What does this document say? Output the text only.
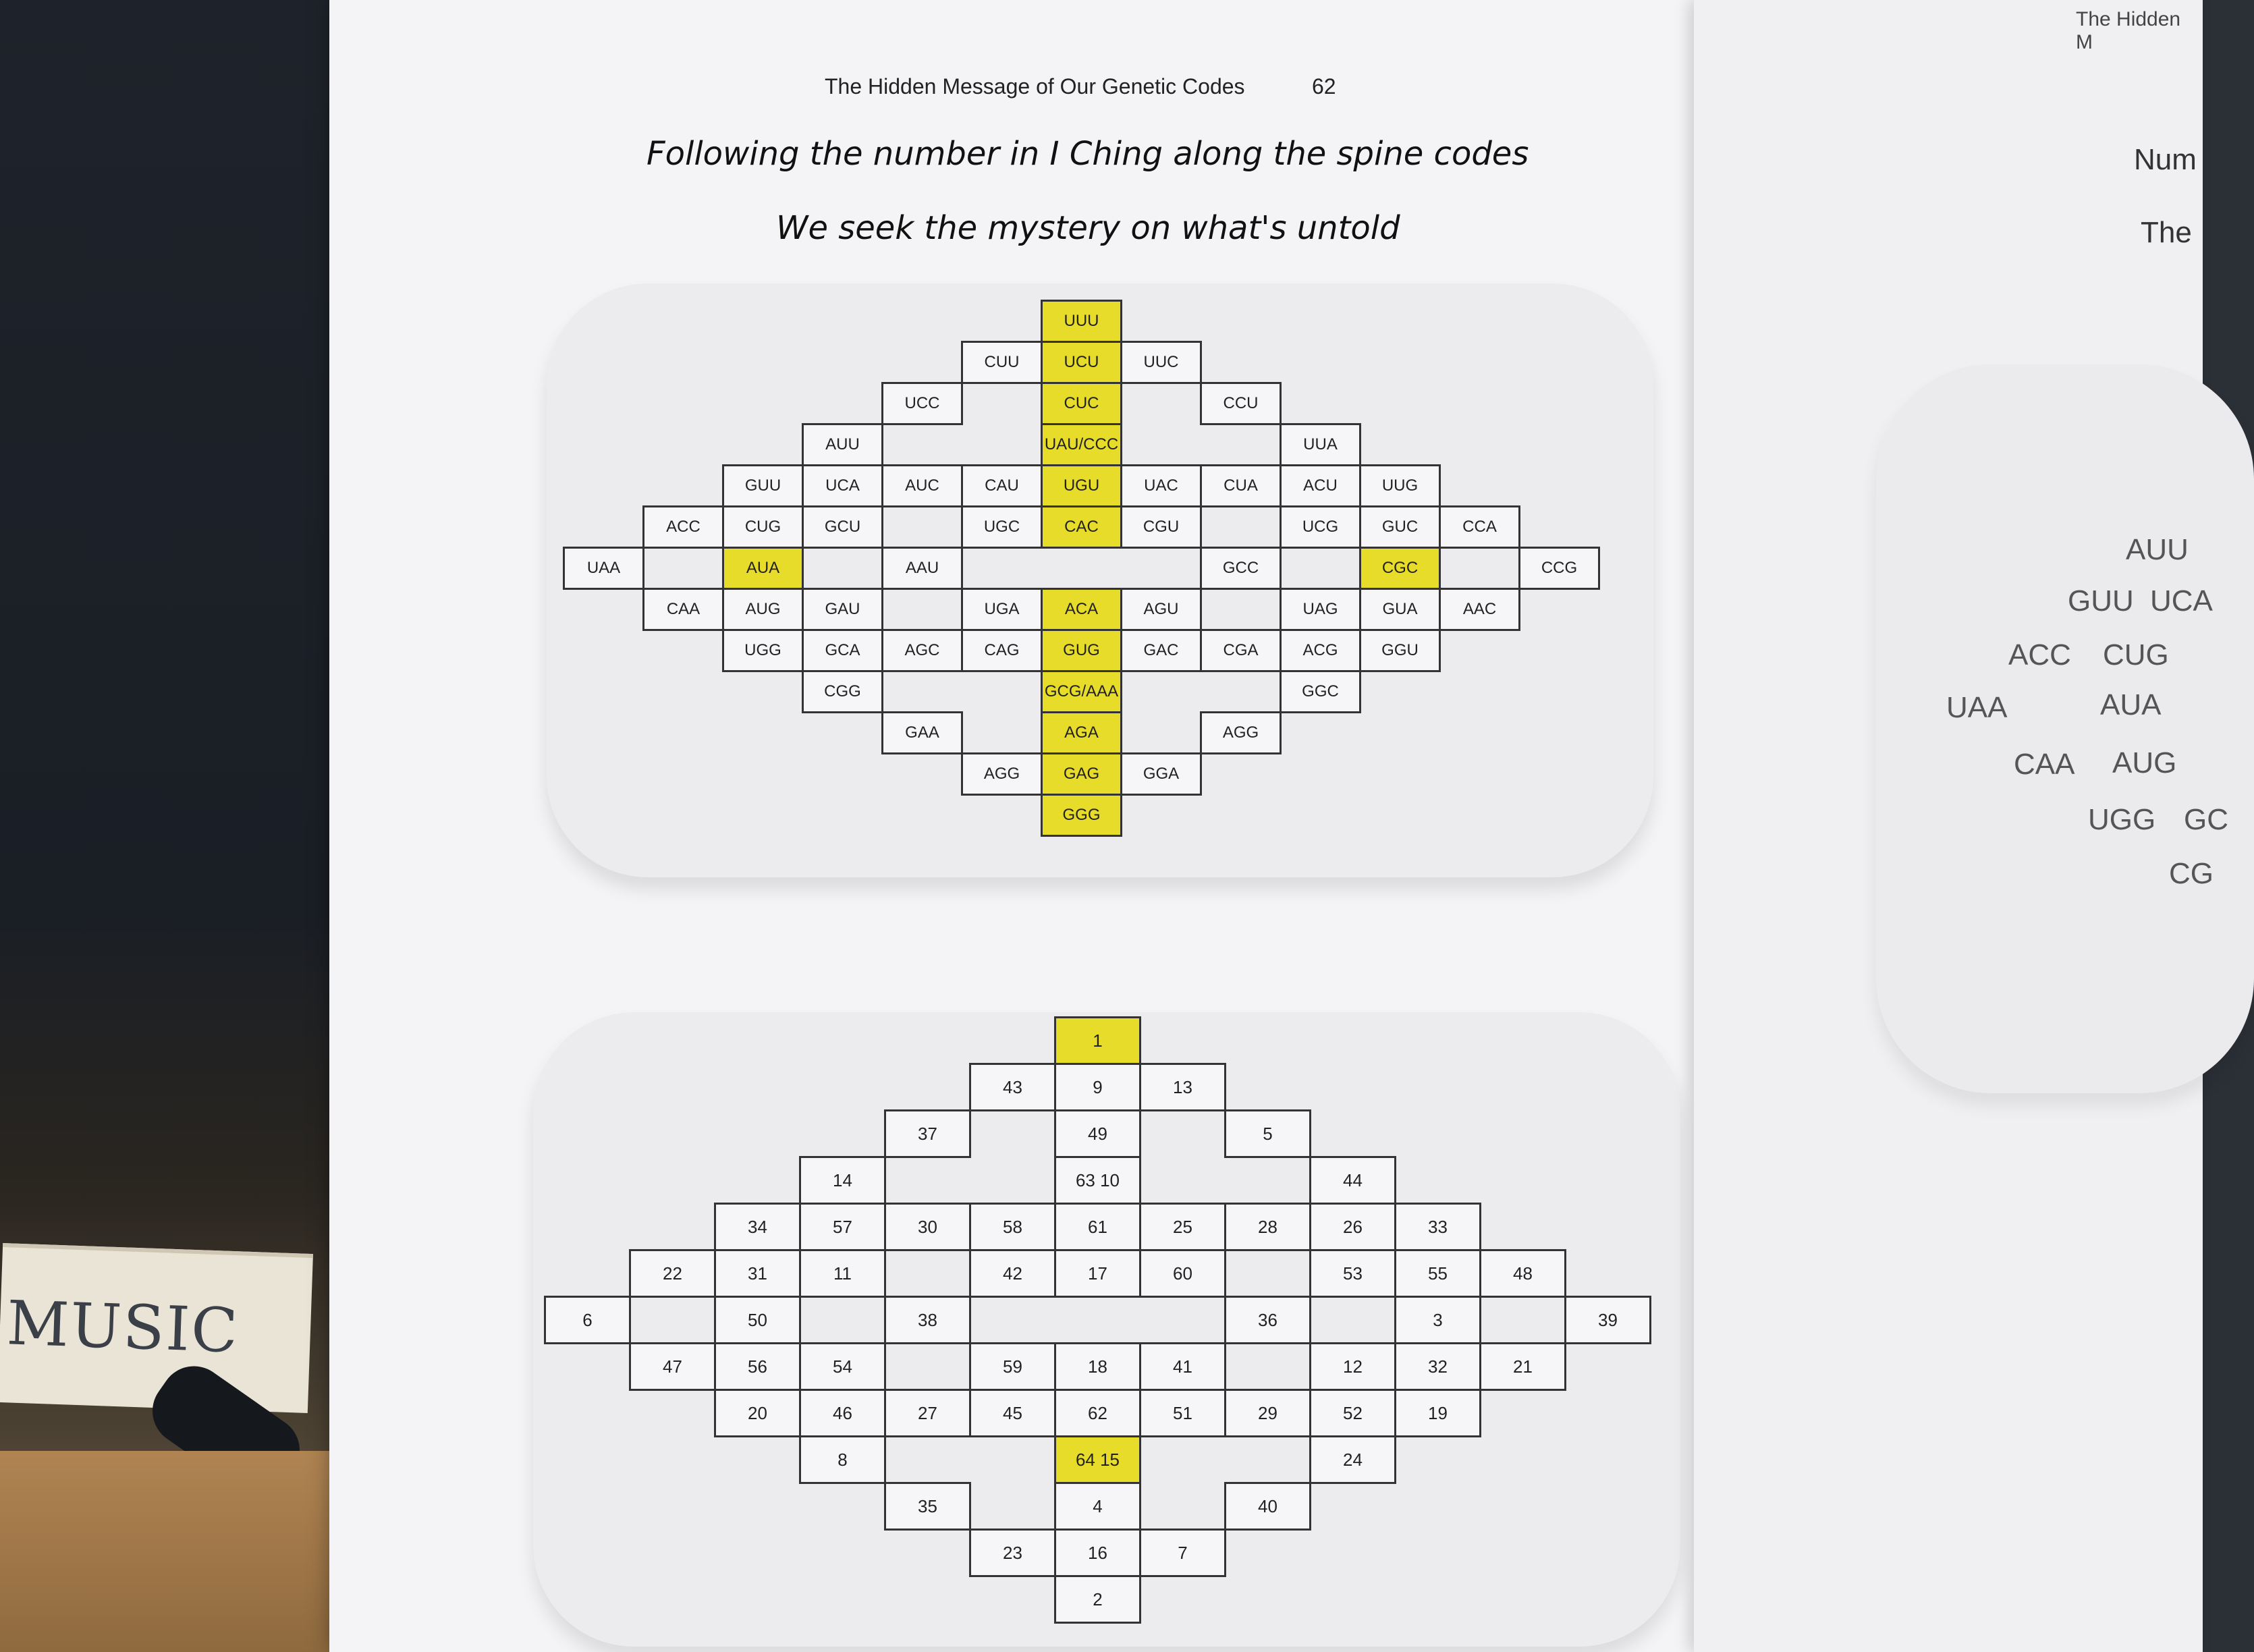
MUSIC
The Hidden Message of Our Genetic Codes	62
Following the number in I Ching along the spine codes
We seek the mystery on what's untold
UUU
CUU	UCU	UUC
UCC	CUC	CCU
AUU	UAU/CCC	UUA
GUU	UCA	AUC	CAU	UGU	UAC	CUA	ACU	UUG
ACC	CUG	GCU	UGC	CAC	CGU	UCG	GUC	CCA
UAA	AUA	AAU	GCC	CGC	CCG
CAA	AUG	GAU	UGA	ACA	AGU	UAG	GUA	AAC
UGG	GCA	AGC	CAG	GUG	GAC	CGA	ACG	GGU
CGG	GCG/AAA	GGC
GAA	AGA	AGG
AGG	GAG	GGA
GGG
1
43	9	13
37	49	5
14	63 10	44
34	57	30	58	61	25	28	26	33
22	31	11	42	17	60	53	55	48
6	50	38	36	3	39
47	56	54	59	18	41	12	32	21
20	46	27	45	62	51	29	52	19
8	64 15	24
35	4	40
23	16	7
2
The Hidden M
Num
The
AUU
GUU UCA
ACC CUG
UAA	AUA
CAA AUG
UGG GC
CG
